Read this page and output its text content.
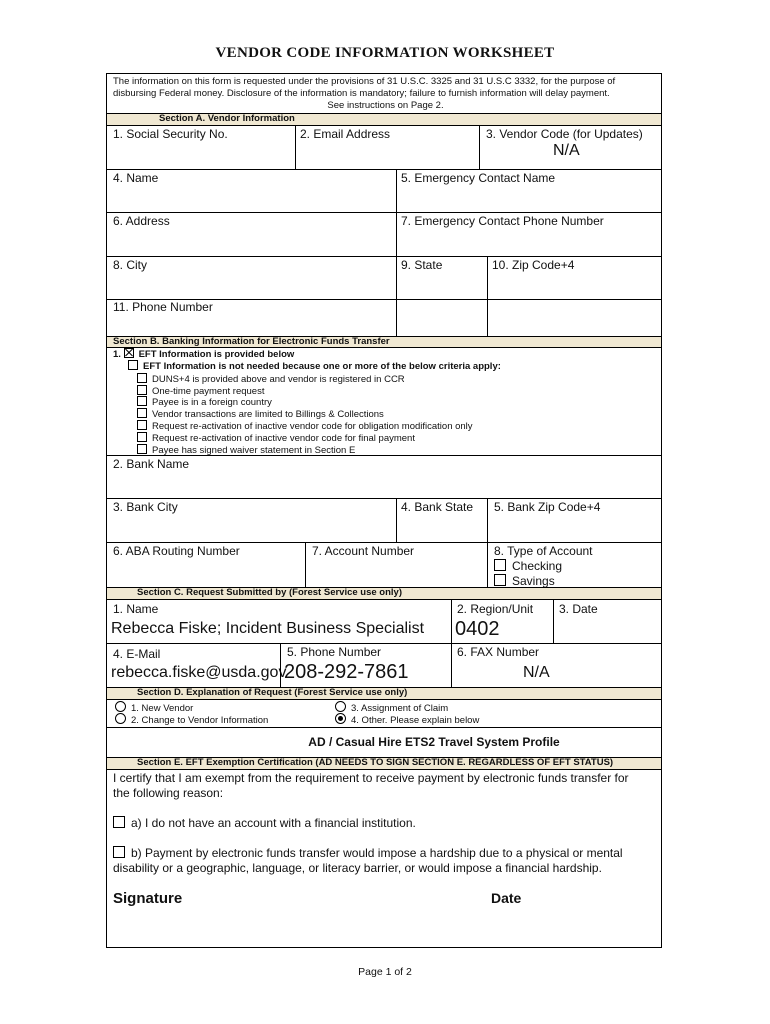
VENDOR CODE INFORMATION WORKSHEET
The information on this form is requested under the provisions of 31 U.S.C. 3325 and 31 U.S.C 3332, for the purpose of
disbursing Federal money. Disclosure of the information is mandatory; failure to furnish information will delay payment.
See instructions on Page 2.
Section A. Vendor Information
1. Social Security No.	2. Email Address	3. Vendor Code (for Updates)
N/A
4. Name	5. Emergency Contact Name
6. Address	7. Emergency Contact Phone Number
8. City	9. State	10. Zip Code+4
11. Phone Number
Section B. Banking Information for Electronic Funds Transfer
1. EFT Information is provided below
EFT Information is not needed because one or more of the below criteria apply:
DUNS+4 is provided above and vendor is registered in CCR
One-time payment request
Payee is in a foreign country
Vendor transactions are limited to Billings & Collections
Request re-activation of inactive vendor code for obligation modification only
Request re-activation of inactive vendor code for final payment
Payee has signed waiver statement in Section E
2. Bank Name
3. Bank City	4. Bank State 5. Bank Zip Code+4
6. ABA Routing Number	7. Account Number	8. Type of Account
Checking
Savings
Section C. Request Submitted by (Forest Service use only)
1. Name
Rebecca Fiske; Incident Business Specialist
2. Region/Unit
0402
3. Date
4. E-Mail
rebecca.fiske@usda.gov
5. Phone Number
208-292-7861
6. FAX Number
N/A
Section D. Explanation of Request (Forest Service use only)
1. New Vendor
2. Change to Vendor Information
3. Assignment of Claim
4. Other. Please explain below
AD / Casual Hire ETS2 Travel System Profile
Section E. EFT Exemption Certification (AD NEEDS TO SIGN SECTION E. REGARDLESS OF EFT STATUS)
I certify that I am exempt from the requirement to receive payment by electronic funds transfer for
the following reason:
a) I do not have an account with a financial institution.
b) Payment by electronic funds transfer would impose a hardship due to a physical or mental
disability or a geographic, language, or literacy barrier, or would impose a financial hardship.
Signature	Date
Page 1 of 2
